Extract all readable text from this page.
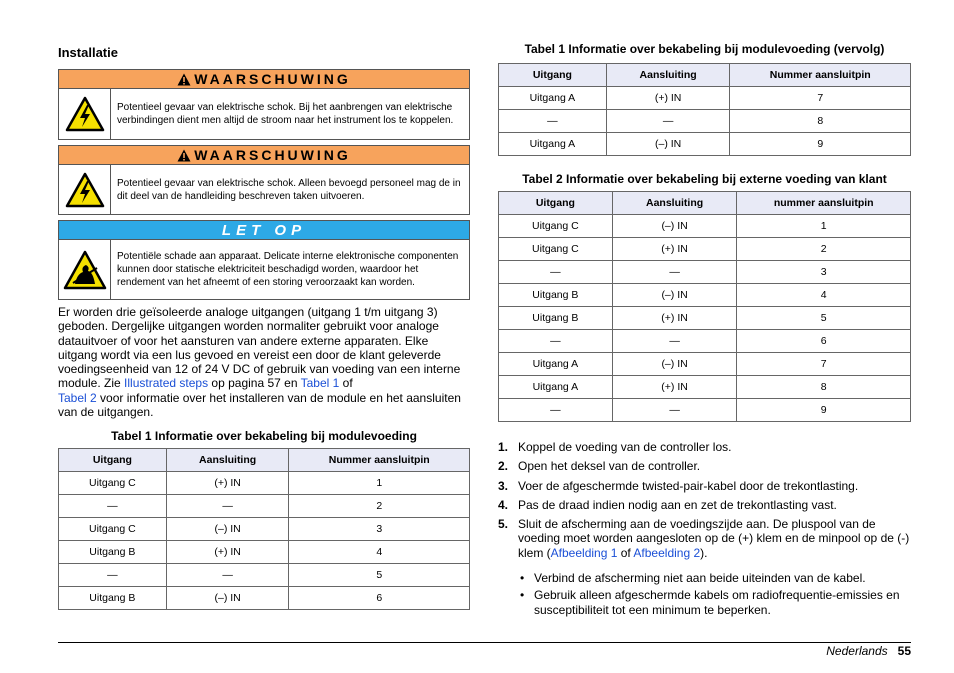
Installatie
WAARSCHUWING
Potentieel gevaar van elektrische schok. Bij het aanbrengen van elektrische verbindingen dient men altijd de stroom naar het instrument los te koppelen.
WAARSCHUWING
Potentieel gevaar van elektrische schok. Alleen bevoegd personeel mag de in dit deel van de handleiding beschreven taken uitvoeren.
LET OP
Potentiële schade aan apparaat. Delicate interne elektronische componenten kunnen door statische elektriciteit beschadigd worden, waardoor het rendement van het afneemt of een storing veroorzaakt kan worden.
Er worden drie geïsoleerde analoge uitgangen (uitgang 1 t/m uitgang 3) geboden. Dergelijke uitgangen worden normaliter gebruikt voor analoge datauitvoer of voor het aansturen van andere externe apparaten. Elke uitgang wordt via een lus gevoed en vereist een door de klant geleverde voedingseenheid van 12 of 24 V DC of gebruik van voeding van een interne module. Zie Illustrated steps op pagina 57 en Tabel 1 of
Tabel 2 voor informatie over het installeren van de module en het aansluiten van de uitgangen.
Tabel 1 Informatie over bekabeling bij modulevoeding
Uitgang	Aansluiting	Nummer aansluitpin
Uitgang C	(+) IN	1
—	—	2
Uitgang C	(–) IN	3
Uitgang B	(+) IN	4
—	—	5
Uitgang B	(–) IN	6
Tabel 1 Informatie over bekabeling bij modulevoeding (vervolg)
Uitgang	Aansluiting	Nummer aansluitpin
Uitgang A	(+) IN	7
—	—	8
Uitgang A	(–) IN	9
Tabel 2 Informatie over bekabeling bij externe voeding van klant
Uitgang	Aansluiting	nummer aansluitpin
Uitgang C	(–) IN	1
Uitgang C	(+) IN	2
—	—	3
Uitgang B	(–) IN	4
Uitgang B	(+) IN	5
—	—	6
Uitgang A	(–) IN	7
Uitgang A	(+) IN	8
—	—	9
1. Koppel de voeding van de controller los.
2. Open het deksel van de controller.
3. Voer de afgeschermde twisted-pair-kabel door de trekontlasting.
4. Pas de draad indien nodig aan en zet de trekontlasting vast.
5. Sluit de afscherming aan de voedingszijde aan. De pluspool van de voeding moet worden aangesloten op de (+) klem en de minpool op de (-) klem (Afbeelding 1 of Afbeelding 2).
• Verbind de afscherming niet aan beide uiteinden van de kabel.
• Gebruik alleen afgeschermde kabels om radiofrequentie-emissies en susceptibiliteit tot een minimum te beperken.
Nederlands 55
